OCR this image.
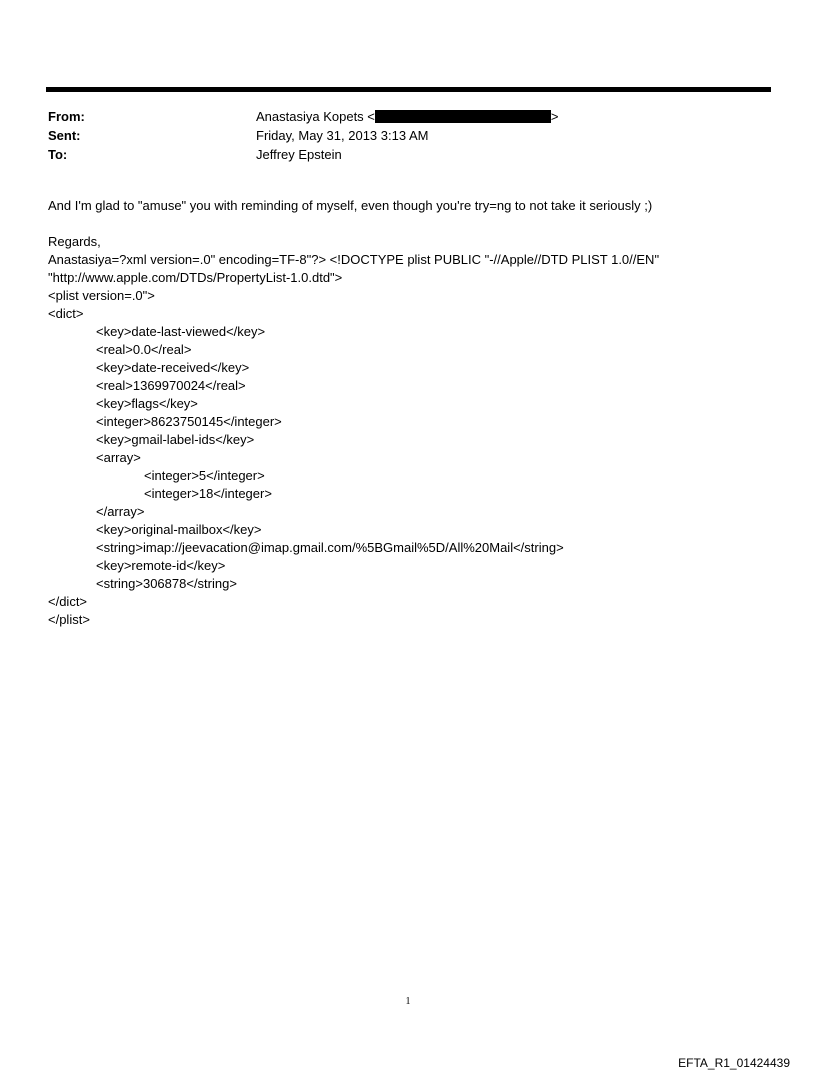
From:	Anastasiya Kopets <	>
Sent:	Friday, May 31, 2013 3:13 AM
To:	Jeffrey Epstein
And I'm glad to "amuse" you with reminding of myself, even though you're try=ng to not take it seriously ;)
Regards,
Anastasiya=?xml version=.0" encoding=TF-8"?> <!DOCTYPE plist PUBLIC "-//Apple//DTD PLIST 1.0//EN"
"http://www.apple.com/DTDs/PropertyList-1.0.dtd">
<plist version=.0">
<dict>
<key>date-last-viewed</key>
<real>0.0</real>
<key>date-received</key>
<real>1369970024</real>
<key>flags</key>
<integer>8623750145</integer>
<key>gmail-label-ids</key>
<array>
<integer>5</integer>
<integer>18</integer>
</array>
<key>original-mailbox</key>
<string>imap://jeevacation@imap.gmail.com/%5BGmail%5D/All%20Mail</string>
<key>remote-id</key>
<string>306878</string>
</dict>
</plist>
1
EFTA_R1_01424439
